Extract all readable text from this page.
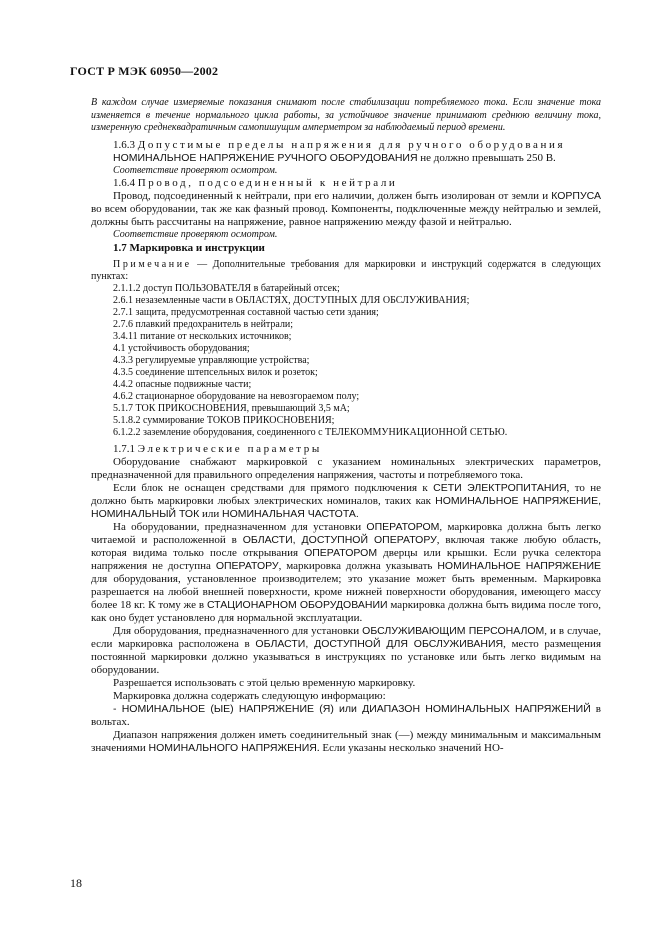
ГОСТ Р МЭК 60950—2002

В каждом случае измеряемые показания снимают после стабилизации потребляемого тока. Если значение тока изменяется в течение нормального цикла работы, за устойчивое значение принимают среднюю величину тока, измеренную среднеквадратичным самопишущим амперметром за наблюдаемый период времени.

1.6.3 Допустимые пределы напряжения для ручного оборудования

НОМИНАЛЬНОЕ НАПРЯЖЕНИЕ РУЧНОГО ОБОРУДОВАНИЯ не должно превышать 250 В.

Соответствие проверяют осмотром.

1.6.4 Провод, подсоединенный к нейтрали

Провод, подсоединенный к нейтрали, при его наличии, должен быть изолирован от земли и КОРПУСА во всем оборудовании, так же как фазный провод. Компоненты, подключенные между нейтралью и землей, должны быть рассчитаны на напряжение, равное напряжению между фазой и нейтралью.

Соответствие проверяют осмотром.

1.7 Маркировка и инструкции

Примечание — Дополнительные требования для маркировки и инструкций содержатся в следующих пунктах:

2.1.1.2 доступ ПОЛЬЗОВАТЕЛЯ в батарейный отсек;

2.6.1 незаземленные части в ОБЛАСТЯХ, ДОСТУПНЫХ ДЛЯ ОБСЛУЖИВАНИЯ;

2.7.1 защита, предусмотренная составной частью сети здания;

2.7.6 плавкий предохранитель в нейтрали;

3.4.11 питание от нескольких источников;

4.1 устойчивость оборудования;

4.3.3 регулируемые управляющие устройства;

4.3.5 соединение штепсельных вилок и розеток;

4.4.2 опасные подвижные части;

4.6.2 стационарное оборудование на невозгораемом полу;

5.1.7 ТОК ПРИКОСНОВЕНИЯ, превышающий 3,5 мА;

5.1.8.2 суммирование ТОКОВ ПРИКОСНОВЕНИЯ;

6.1.2.2 заземление оборудования, соединенного с ТЕЛЕКОММУНИКАЦИОННОЙ СЕТЬЮ.

1.7.1 Электрические параметры

Оборудование снабжают маркировкой с указанием номинальных электрических параметров, предназначенной для правильного определения напряжения, частоты и потребляемого тока.

Если блок не оснащен средствами для прямого подключения к СЕТИ ЭЛЕКТРОПИТАНИЯ, то не должно быть маркировки любых электрических номиналов, таких как НОМИНАЛЬНОЕ НАПРЯЖЕНИЕ, НОМИНАЛЬНЫЙ ТОК или НОМИНАЛЬНАЯ ЧАСТОТА.

На оборудовании, предназначенном для установки ОПЕРАТОРОМ, маркировка должна быть легко читаемой и расположенной в ОБЛАСТИ, ДОСТУПНОЙ ОПЕРАТОРУ, включая также любую область, которая видима только после открывания ОПЕРАТОРОМ дверцы или крышки. Если ручка селектора напряжения не доступна ОПЕРАТОРУ, маркировка должна указывать НОМИНАЛЬНОЕ НАПРЯЖЕНИЕ для оборудования, установленное производителем; это указание может быть временным. Маркировка разрешается на любой внешней поверхности, кроме нижней поверхности оборудования, имеющего массу более 18 кг. К тому же в СТАЦИОНАРНОМ ОБОРУДОВАНИИ маркировка должна быть видима после того, как оно будет установлено для нормальной эксплуатации.

Для оборудования, предназначенного для установки ОБСЛУЖИВАЮЩИМ ПЕРСОНАЛОМ, и в случае, если маркировка расположена в ОБЛАСТИ, ДОСТУПНОЙ ДЛЯ ОБСЛУЖИВАНИЯ, место размещения постоянной маркировки должно указываться в инструкциях по установке или быть легко видимым на оборудовании.

Разрешается использовать с этой целью временную маркировку.

Маркировка должна содержать следующую информацию:

- НОМИНАЛЬНОЕ (ЫЕ) НАПРЯЖЕНИЕ (Я) или ДИАПАЗОН НОМИНАЛЬНЫХ НАПРЯЖЕНИЙ в вольтах.

Диапазон напряжения должен иметь соединительный знак (—) между минимальным и максимальным значениями НОМИНАЛЬНОГО НАПРЯЖЕНИЯ. Если указаны несколько значений НО-

18
